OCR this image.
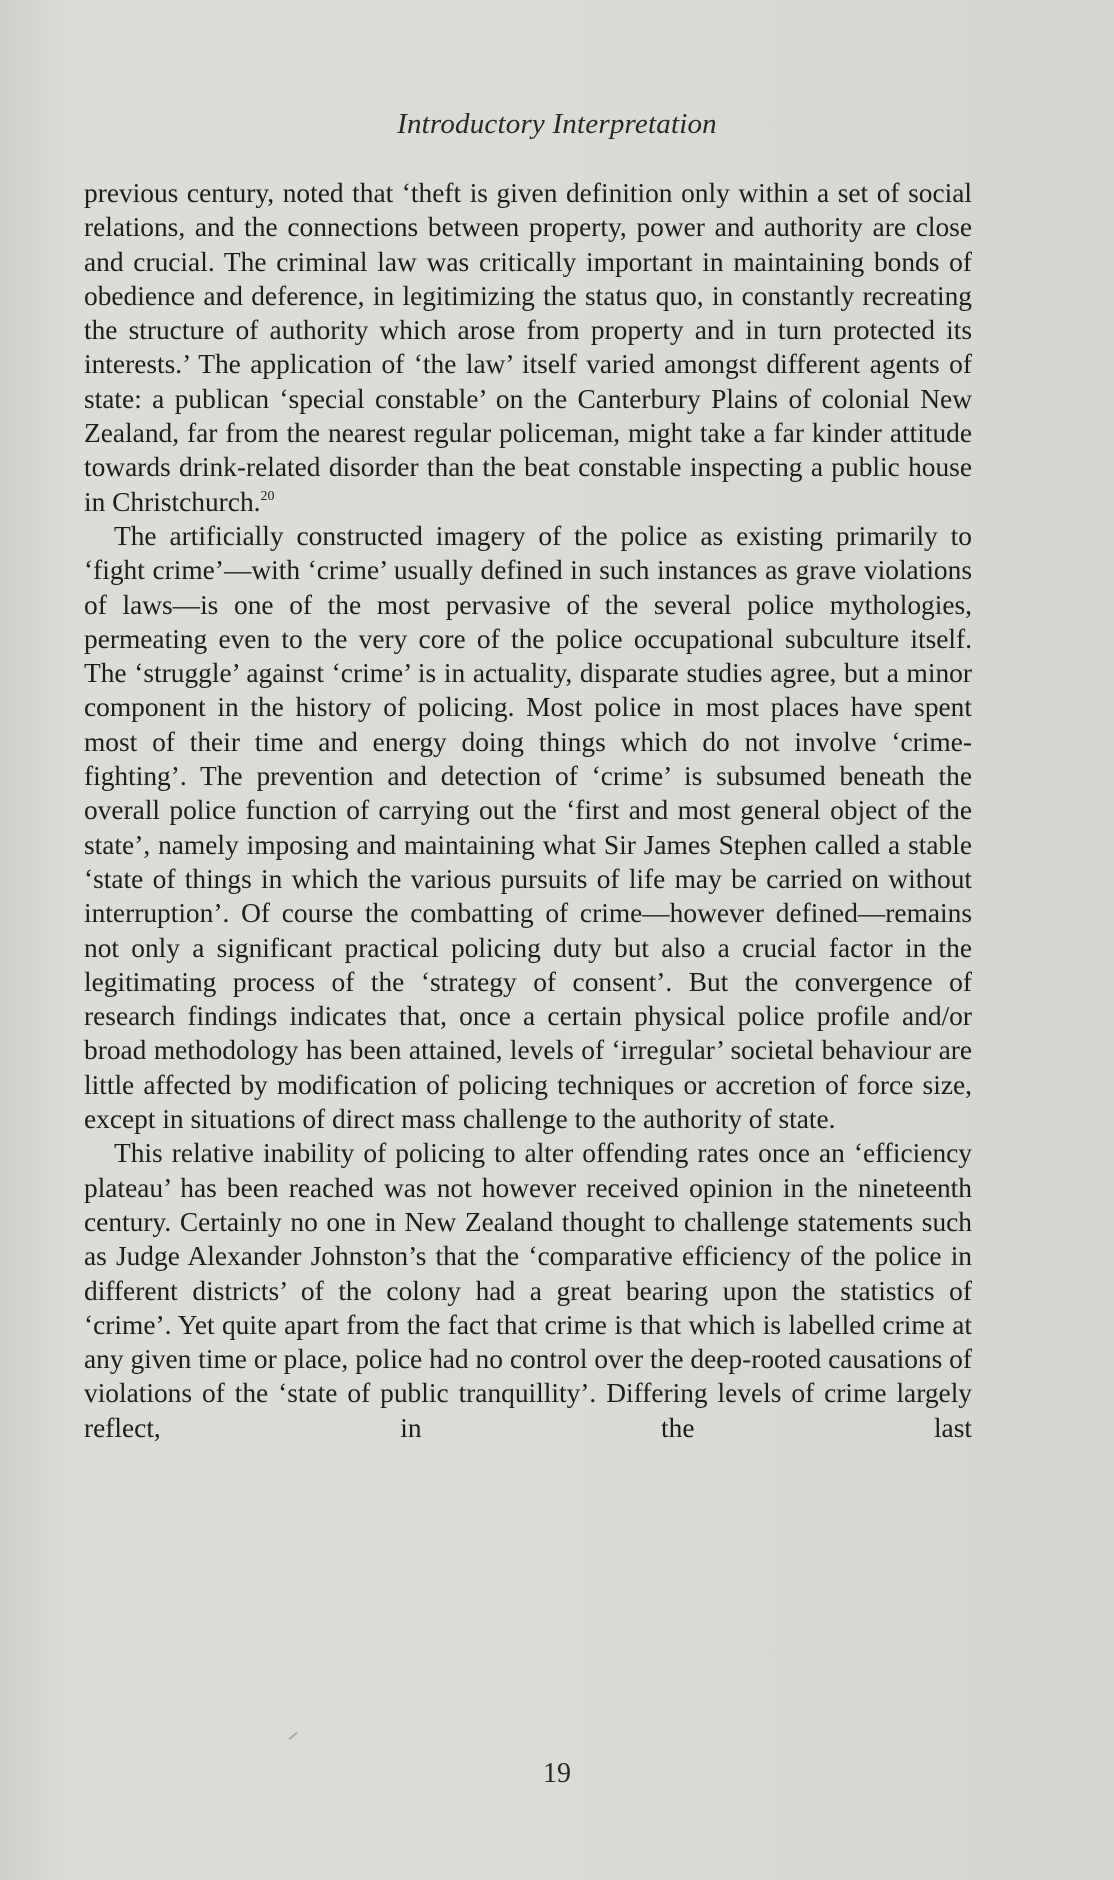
Introductory Interpretation

previous century, noted that ‘theft is given definition only within a set of social relations, and the connections between property, power and authority are close and crucial. The criminal law was critically important in maintaining bonds of obedience and deference, in legitimizing the status quo, in constantly recreating the structure of authority which arose from property and in turn protected its interests.’ The application of ‘the law’ itself varied amongst different agents of state: a publican ‘special constable’ on the Canterbury Plains of colonial New Zealand, far from the nearest regular policeman, might take a far kinder attitude towards drink-related disorder than the beat constable inspecting a public house in Christchurch.$^{20}$

The artificially constructed imagery of the police as existing primarily to ‘fight crime’—with ‘crime’ usually defined in such instances as grave violations of laws—is one of the most pervasive of the several police mythologies, permeating even to the very core of the police occupational subculture itself. The ‘struggle’ against ‘crime’ is in actuality, disparate studies agree, but a minor component in the history of policing. Most police in most places have spent most of their time and energy doing things which do not involve ‘crime-fighting’. The prevention and detection of ‘crime’ is subsumed beneath the overall police function of carrying out the ‘first and most general object of the state’, namely imposing and maintaining what Sir James Stephen called a stable ‘state of things in which the various pursuits of life may be carried on without interruption’. Of course the combatting of crime—however defined—remains not only a significant practical policing duty but also a crucial factor in the legitimating process of the ‘strategy of consent’. But the convergence of research findings indicates that, once a certain physical police profile and/or broad methodology has been attained, levels of ‘irregular’ societal behaviour are little affected by modification of policing techniques or accretion of force size, except in situations of direct mass challenge to the authority of state.

This relative inability of policing to alter offending rates once an ‘efficiency plateau’ has been reached was not however received opinion in the nineteenth century. Certainly no one in New Zealand thought to challenge statements such as Judge Alexander Johnston’s that the ‘comparative efficiency of the police in different districts’ of the colony had a great bearing upon the statistics of ‘crime’. Yet quite apart from the fact that crime is that which is labelled crime at any given time or place, police had no control over the deep-rooted causations of violations of the ‘state of public tranquillity’. Differing levels of crime largely reflect, in the last

19
